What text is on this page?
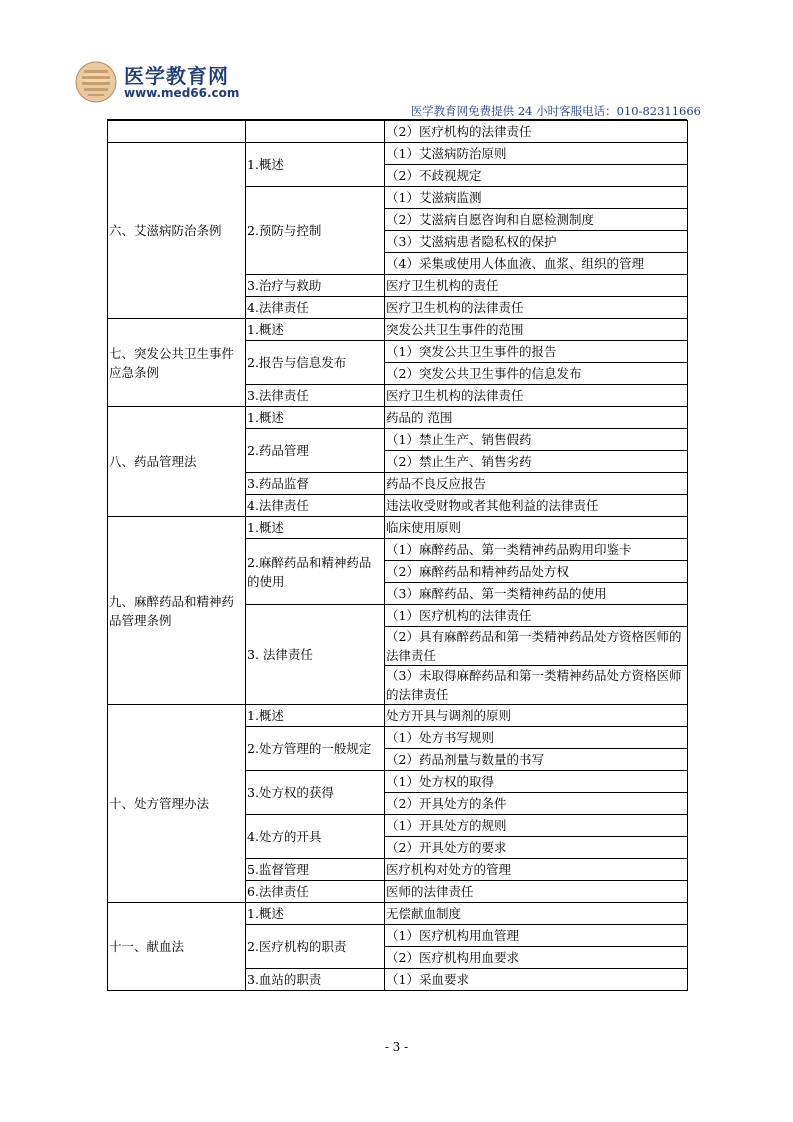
医学教育网
www.med66.com
医学教育网免费提供 24 小时客服电话：010-82311666
		（2）医疗机构的法律责任
六、艾滋病防治条例	1.概述	（1）艾滋病防治原则
		（2）不歧视规定
	2.预防与控制	（1）艾滋病监测
		（2）艾滋病自愿咨询和自愿检测制度
		（3）艾滋病患者隐私权的保护
		（4）采集或使用人体血液、血浆、组织的管理
	3.治疗与救助	医疗卫生机构的责任
	4.法律责任	医疗卫生机构的法律责任
七、突发公共卫生事件应急条例	1.概述	突发公共卫生事件的范围
	2.报告与信息发布	（1）突发公共卫生事件的报告
		（2）突发公共卫生事件的信息发布
	3.法律责任	医疗卫生机构的法律责任
八、药品管理法	1.概述	药品的 范围
	2.药品管理	（1）禁止生产、销售假药
		（2）禁止生产、销售劣药
	3.药品监督	药品不良反应报告
	4.法律责任	违法收受财物或者其他利益的法律责任
九、麻醉药品和精神药品管理条例	1.概述	临床使用原则
	2.麻醉药品和精神药品的使用	（1）麻醉药品、第一类精神药品购用印鉴卡
		（2）麻醉药品和精神药品处方权
		（3）麻醉药品、第一类精神药品的使用
	3. 法律责任	（1）医疗机构的法律责任
		（2）具有麻醉药品和第一类精神药品处方资格医师的法律责任
		（3）未取得麻醉药品和第一类精神药品处方资格医师的法律责任
十、处方管理办法	1.概述	处方开具与调剂的原则
	2.处方管理的一般规定	（1）处方书写规则
		（2）药品剂量与数量的书写
	3.处方权的获得	（1）处方权的取得
		（2）开具处方的条件
	4.处方的开具	（1）开具处方的规则
		（2）开具处方的要求
	5.监督管理	医疗机构对处方的管理
	6.法律责任	医师的法律责任
十一、献血法	1.概述	无偿献血制度
	2.医疗机构的职责	（1）医疗机构用血管理
		（2）医疗机构用血要求
	3.血站的职责	（1）采血要求
- 3 -
